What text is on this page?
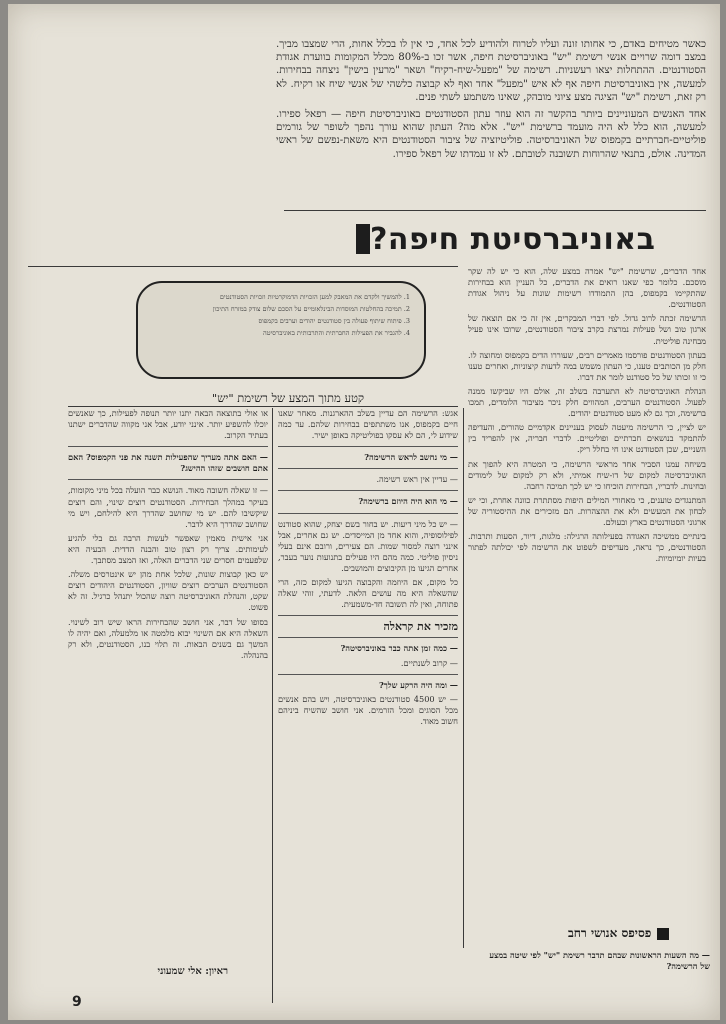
כאשר מטיחים באדם, כי אחותו זונה ועליו לטרוח ולהודיע לכל אחד, כי אין לו בכלל אחות, הרי שמצבו מביך. במצב דומה שרויים אנשי רשימת "יש" באוניברסיטת חיפה, אשר זכו ב-80% מכלל המקומות בוועדת אגודת הסטודנטים. ההתחלות יצאו רעשניות. רשימה של "מפעל-שיח-רקיח" ושאר "מרעין בישין" ניצחה בבחירות. למעשה, אין באוניברסיטת חיפה אף לא איש "מפעל" אחד ואף לא קבוצה כלשהי של אנשי שיח או רקיח. לא רק זאת, רשימת "יש" הציגה מצע ציוני מובהק, שאינו משתמע לשתי פנים.

אחד האנשים המעוניינים ביותר בהקשר זה הוא עוזר עתון הסטודנטים באוניברסיטת חיפה — רפאל ספירו. למעשה, הוא כלל לא היה מועמד ברשימת "יש". אלא מה? העתון שהוא עורך נהפך לשופר של גורמים פוליטיים-חברתיים בקמפוס של האוניברסיטה. פוליטיזציה של ציבור הסטודנטים היא משאת-נפשם של ראשי המדינה. אולם, בתנאי שהרוחות תשובנה לטובתם. לא זו עמדתו של רפאל ספירו.

באוניברסיטת חיפה?
1. להמשיך ולקדם את המאבק למען הזכויות הדמוקרטיות וזכויות הסטודנטים
2. תמיכה בהחלטות המוסדות הבינלאומיים על הסכם שלום צודק במזרח התיכון
3. פיתוח שיתוף פעולה בין סטודנטים יהודים וערבים בקמפוס
4. להגביר את הפעילות החברתית והתרבותית באוניברסיטה
קטע מתוך המצע של רשימת "יש"

אחד הדברים, שרשימת "יש" אמרה במצע שלה, הוא כי יש לה שקר מוסכם. כלומר כפי שאנו רואים את הדברים, כל העניין הוא בבחירות שהתקיימו בקמפוס, בהן התמודדו רשימות שונות על ניהול אגודת הסטודנטים.

הרשימה זכתה לרוב גדול. לפי דברי המבקרים, אין זה כי אם תוצאה של ארגון טוב ושל פעילות נמרצת בקרב ציבור הסטודנטים, שרובו אינו פעיל מבחינה פוליטית.

בעתון הסטודנטים פורסמו מאמרים רבים, שעוררו הדים בקמפוס ומחוצה לו. חלק מן הכותבים טענו, כי העתון משמש במה לדעות קיצוניות, ואחרים טענו כי זו זכותו של כל סטודנט לומר את דברו.

הנהלת האוניברסיטה לא התערבה בשלב זה, אולם היו שביקשו ממנה לפעול. הסטודנטים הערבים, המהווים חלק ניכר מציבור הלומדים, תמכו ברשימה, וכך גם לא מעט סטודנטים יהודים.

יש לציין, כי הרשימה מיעטה לעסוק בעניינים אקדמיים טהורים, והעדיפה להתמקד בנושאים חברתיים ופוליטיים. לדברי חבריה, אין להפריד בין השניים, שכן הסטודנט אינו חי בחלל ריק.

בשיחה עמנו הסביר אחד מראשי הרשימה, כי המטרה היא להפוך את האוניברסיטה למקום של דו-שיח אמיתי, ולא רק למקום של לימודים ובחינות. לדבריו, הבחירות הוכיחו כי יש לכך תמיכה רחבה.

המתנגדים טוענים, כי מאחורי המילים היפות מסתתרת כוונה אחרת, וכי יש לבחון את המעשים ולא את ההצהרות. הם מזכירים את ההיסטוריה של ארגוני הסטודנטים בארץ ובעולם.

בינתיים ממשיכה האגודה בפעילותה הרגילה: מלגות, דיור, הסעות ותרבות. הסטודנטים, כך נראה, מעדיפים לשפוט את הרשימה לפי יכולתה לפתור בעיות יומיומיות.

פסיפס אנושי רחב
— מה השעות הראשונות שבהם תדבר רשימת "יש" לפי שיטה במצע של הרשימה?

אגש: הרשימה הם עדיין בשלב ההארגנות. מאחר שאנו חיים בקמפוס, אנו משתתפים בבחירות שלהם. עד כמה שידוע לי, הם לא עסקו בפוליטיקה באופן ישיר.

— מי נחשב לראש הרשימה?

— עדיין אין ראש רשימה.

— מי הוא היה היוזם ברשימה?

— יש כל מיני דיעות. יש בחור בשם יצחק, שהוא סטודנט לפילוסופיה, והוא אחד מן המייסדים. יש גם אחרים, אבל אינני רוצה למסור שמות. הם צעירים, ורובם אינם בעלי ניסיון פוליטי. כמה מהם היו פעילים בתנועות נוער בעבר, אחרים הגיעו מן הקיבוצים והמושבים.

כל מקום, אם היוזמה והקבוצה הגיעו למקום כזה, הרי שהשאלה היא מה עושים הלאה. לדעתי, זוהי שאלה פתוחה, ואין לה תשובה חד-משמעית.

מזכיר את קראלה

— כמה זמן אתה כבר באוניברסיטה?

— קרוב לשנתיים.

— ומה היה הרקע שלך?

— יש 4500 סטודנטים באוניברסיטה, ויש בהם אנשים מכל הסוגים ומכל הזרמים. אני חושב שהשיח ביניהם חשוב מאוד.

או אולי בתוצאה הבאה יתנו יותר תנופה לפעילות, כך שאנשים יוכלו להשפיע יותר. אינני יודע, אבל אני מקווה שהדברים ישתנו בעתיד הקרוב.

— האם אתה מעריך שהפעילות תשנה את פני הקמפוס? האם אתם חושבים שזהו ההישג?

— זו שאלה חשובה מאוד. הנושא כבר הועלה בכל מיני מקומות, בעיקר במהלך הבחירות. הסטודנטים רוצים שינוי, והם רוצים שיקשיבו להם. יש מי שחושב שהדרך היא להילחם, ויש מי שחושב שהדרך היא לדבר.

אני אישית מאמין שאפשר לעשות הרבה גם בלי להגיע לעימותים. צריך רק רצון טוב והבנה הדדית. הבעיה היא שלפעמים חסרים שני הדברים האלה, ואז המצב מסתבך.

יש כאן קבוצות שונות, שלכל אחת מהן יש אינטרסים משלה. הסטודנטים הערבים רוצים שוויון, הסטודנטים היהודים רוצים שקט, והנהלת האוניברסיטה רוצה שהכול יתנהל כרגיל. זה לא פשוט.

בסופו של דבר, אני חושב שהבחירות הראו שיש רוב לשינוי. השאלה היא אם השינוי יבוא מלמטה או מלמעלה, ואם יהיה לו המשך גם בשנים הבאות. זה תלוי בנו, הסטודנטים, ולא רק בהנהלה.

ראיון: אלי שמעוני
9
